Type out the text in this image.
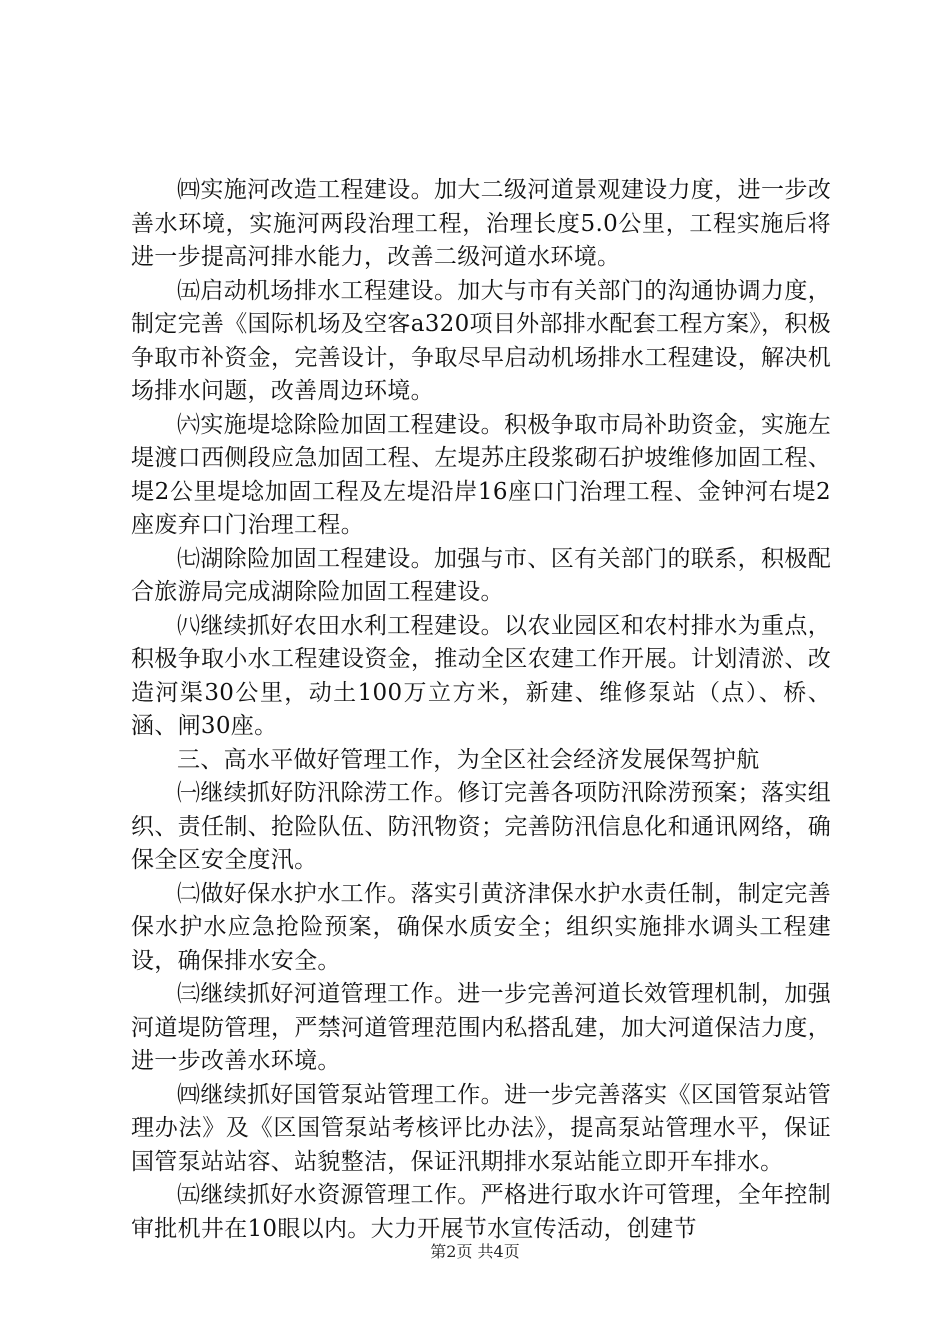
㈣实施河改造工程建设。加大二级河道景观建设力度，进一步改善水环境，实施河两段治理工程，治理长度5.0公里，工程实施后将进一步提高河排水能力，改善二级河道水环境。

㈤启动机场排水工程建设。加大与市有关部门的沟通协调力度，制定完善《国际机场及空客a320项目外部排水配套工程方案》，积极争取市补资金，完善设计，争取尽早启动机场排水工程建设，解决机场排水问题，改善周边环境。

㈥实施堤埝除险加固工程建设。积极争取市局补助资金，实施左堤渡口西侧段应急加固工程、左堤苏庄段浆砌石护坡维修加固工程、堤2公里堤埝加固工程及左堤沿岸16座口门治理工程、金钟河右堤2座废弃口门治理工程。

㈦湖除险加固工程建设。加强与市、区有关部门的联系，积极配合旅游局完成湖除险加固工程建设。

㈧继续抓好农田水利工程建设。以农业园区和农村排水为重点，积极争取小水工程建设资金，推动全区农建工作开展。计划清淤、改造河渠30公里，动土100万立方米，新建、维修泵站（点）、桥、涵、闸30座。

三、高水平做好管理工作，为全区社会经济发展保驾护航

㈠继续抓好防汛除涝工作。修订完善各项防汛除涝预案；落实组织、责任制、抢险队伍、防汛物资；完善防汛信息化和通讯网络，确保全区安全度汛。

㈡做好保水护水工作。落实引黄济津保水护水责任制，制定完善保水护水应急抢险预案，确保水质安全；组织实施排水调头工程建设，确保排水安全。

㈢继续抓好河道管理工作。进一步完善河道长效管理机制，加强河道堤防管理，严禁河道管理范围内私搭乱建，加大河道保洁力度，进一步改善水环境。

㈣继续抓好国管泵站管理工作。进一步完善落实《区国管泵站管理办法》及《区国管泵站考核评比办法》，提高泵站管理水平，保证国管泵站站容、站貌整洁，保证汛期排水泵站能立即开车排水。

㈤继续抓好水资源管理工作。严格进行取水许可管理，全年控制审批机井在10眼以内。大力开展节水宣传活动，创建节

第2页 共4页
